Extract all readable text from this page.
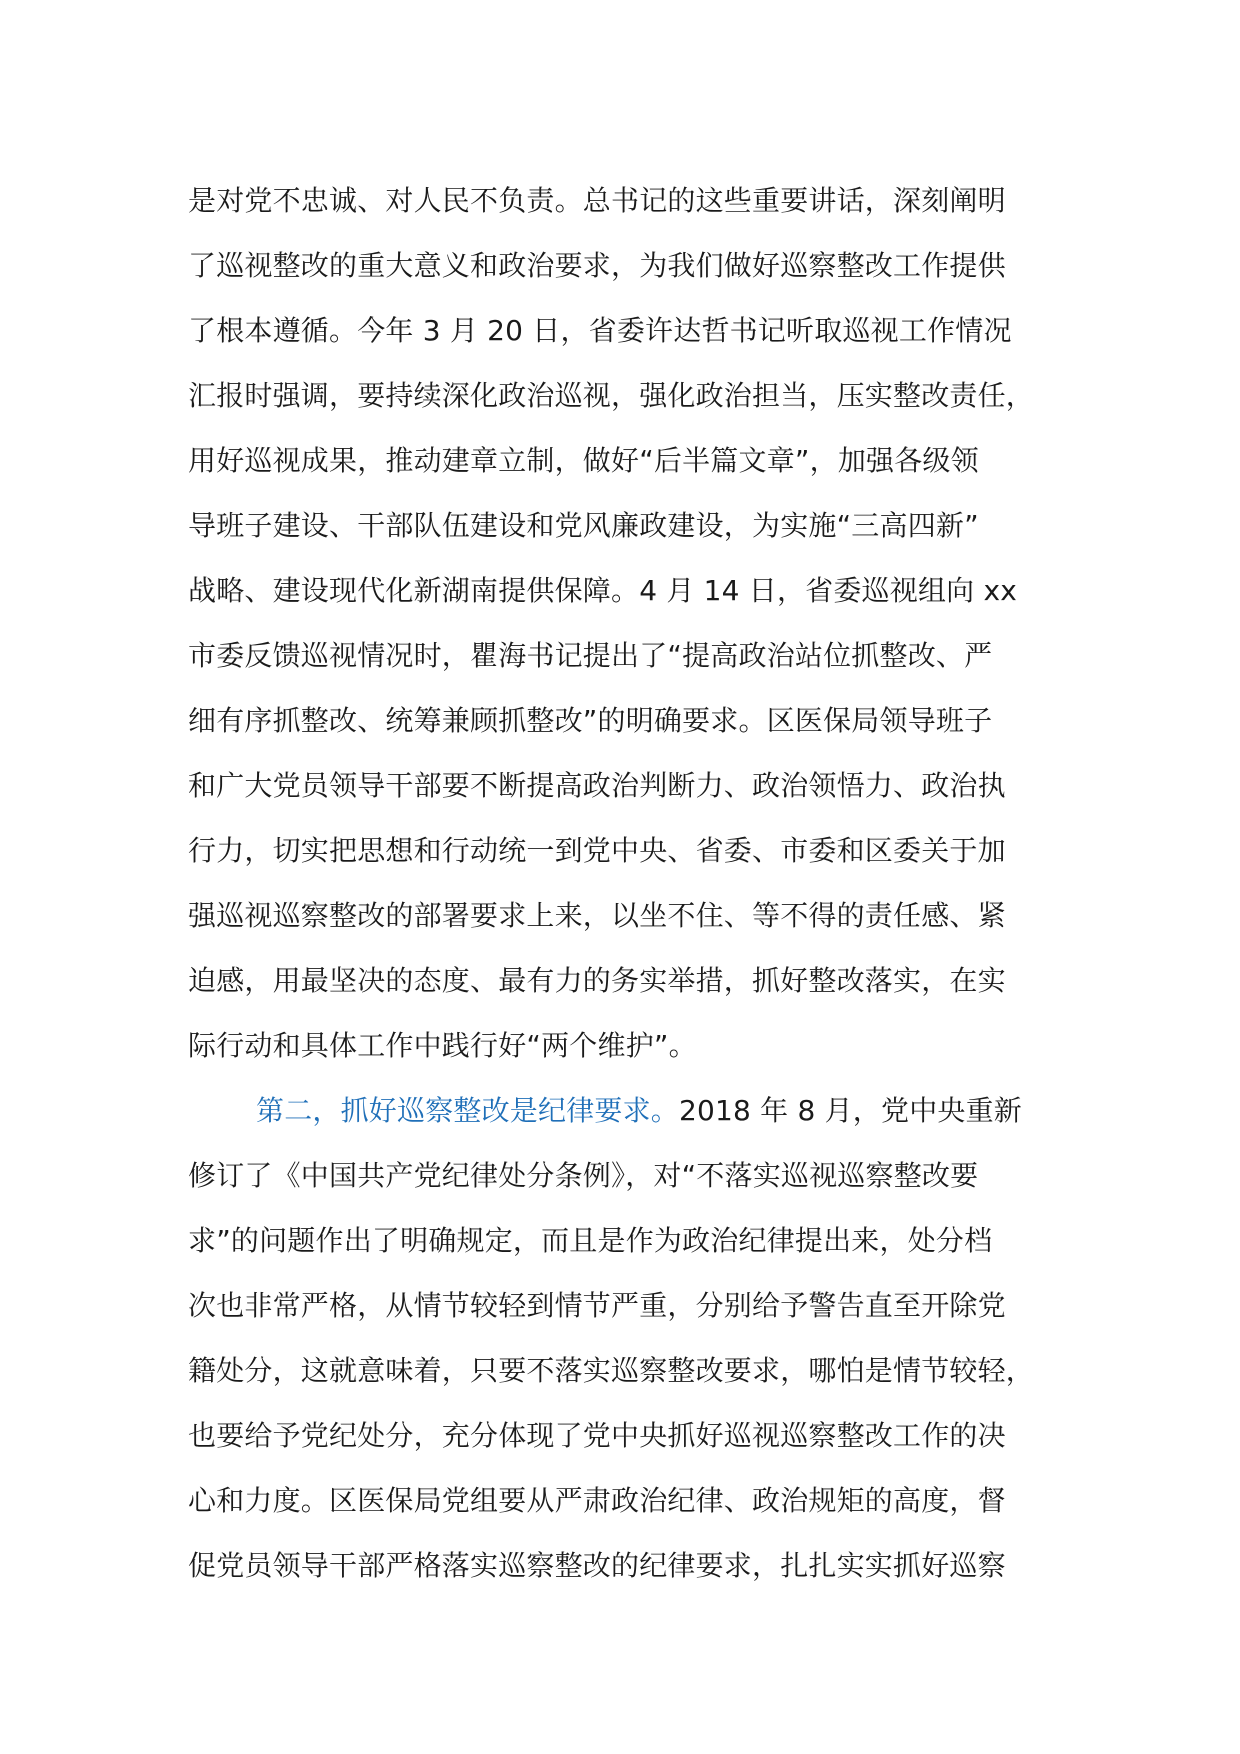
是对党不忠诚、对人民不负责。总书记的这些重要讲话，深刻阐明
了巡视整改的重大意义和政治要求，为我们做好巡察整改工作提供
了根本遵循。今年 3 月 20 日，省委许达哲书记听取巡视工作情况
汇报时强调，要持续深化政治巡视，强化政治担当，压实整改责任，
用好巡视成果，推动建章立制，做好“后半篇文章”，加强各级领
导班子建设、干部队伍建设和党风廉政建设，为实施“三高四新”
战略、建设现代化新湖南提供保障。4 月 14 日，省委巡视组向 xx
市委反馈巡视情况时，瞿海书记提出了“提高政治站位抓整改、严
细有序抓整改、统筹兼顾抓整改”的明确要求。区医保局领导班子
和广大党员领导干部要不断提高政治判断力、政治领悟力、政治执
行力，切实把思想和行动统一到党中央、省委、市委和区委关于加
强巡视巡察整改的部署要求上来，以坐不住、等不得的责任感、紧
迫感，用最坚决的态度、最有力的务实举措，抓好整改落实，在实
际行动和具体工作中践行好“两个维护”。
第二，抓好巡察整改是纪律要求。2018 年 8 月，党中央重新
修订了《中国共产党纪律处分条例》，对“不落实巡视巡察整改要
求”的问题作出了明确规定，而且是作为政治纪律提出来，处分档
次也非常严格，从情节较轻到情节严重，分别给予警告直至开除党
籍处分，这就意味着，只要不落实巡察整改要求，哪怕是情节较轻，
也要给予党纪处分，充分体现了党中央抓好巡视巡察整改工作的决
心和力度。区医保局党组要从严肃政治纪律、政治规矩的高度，督
促党员领导干部严格落实巡察整改的纪律要求，扎扎实实抓好巡察
